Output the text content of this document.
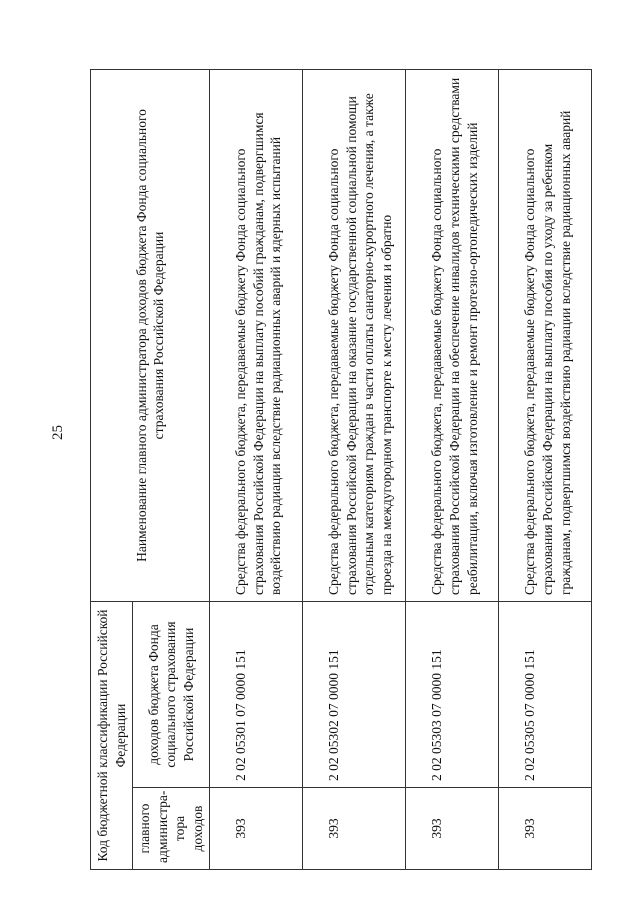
25
Код бюджетной классификации Российской Федерации		Наименование главного администратора доходов бюджета Фонда социального страхования Российской Федерации
главного администра-тора доходов	доходов бюджета Фонда социального страхования Российской Федерации	
393	2 02 05301 07 0000 151	Средства федерального бюджета, передаваемые бюджету Фонда социального страхования Российской Федерации на выплату пособий гражданам, подвергшимся воздействию радиации вследствие радиационных аварий и ядерных испытаний
393	2 02 05302 07 0000 151	Средства федерального бюджета, передаваемые бюджету Фонда социального страхования Российской Федерации на оказание государственной социальной помощи отдельным категориям граждан в части оплаты санаторно-курортного лечения, а также проезда на междугородном транспорте к месту лечения и обратно
393	2 02 05303 07 0000 151	Средства федерального бюджета, передаваемые бюджету Фонда социального страхования Российской Федерации на обеспечение инвалидов техническими средствами реабилитации, включая изготовление и ремонт протезно-ортопедических изделий
393	2 02 05305 07 0000 151	Средства федерального бюджета, передаваемые бюджету Фонда социального страхования Российской Федерации на выплату пособия по уходу за ребенком гражданам, подвергшимся воздействию радиации вследствие радиационных аварий
